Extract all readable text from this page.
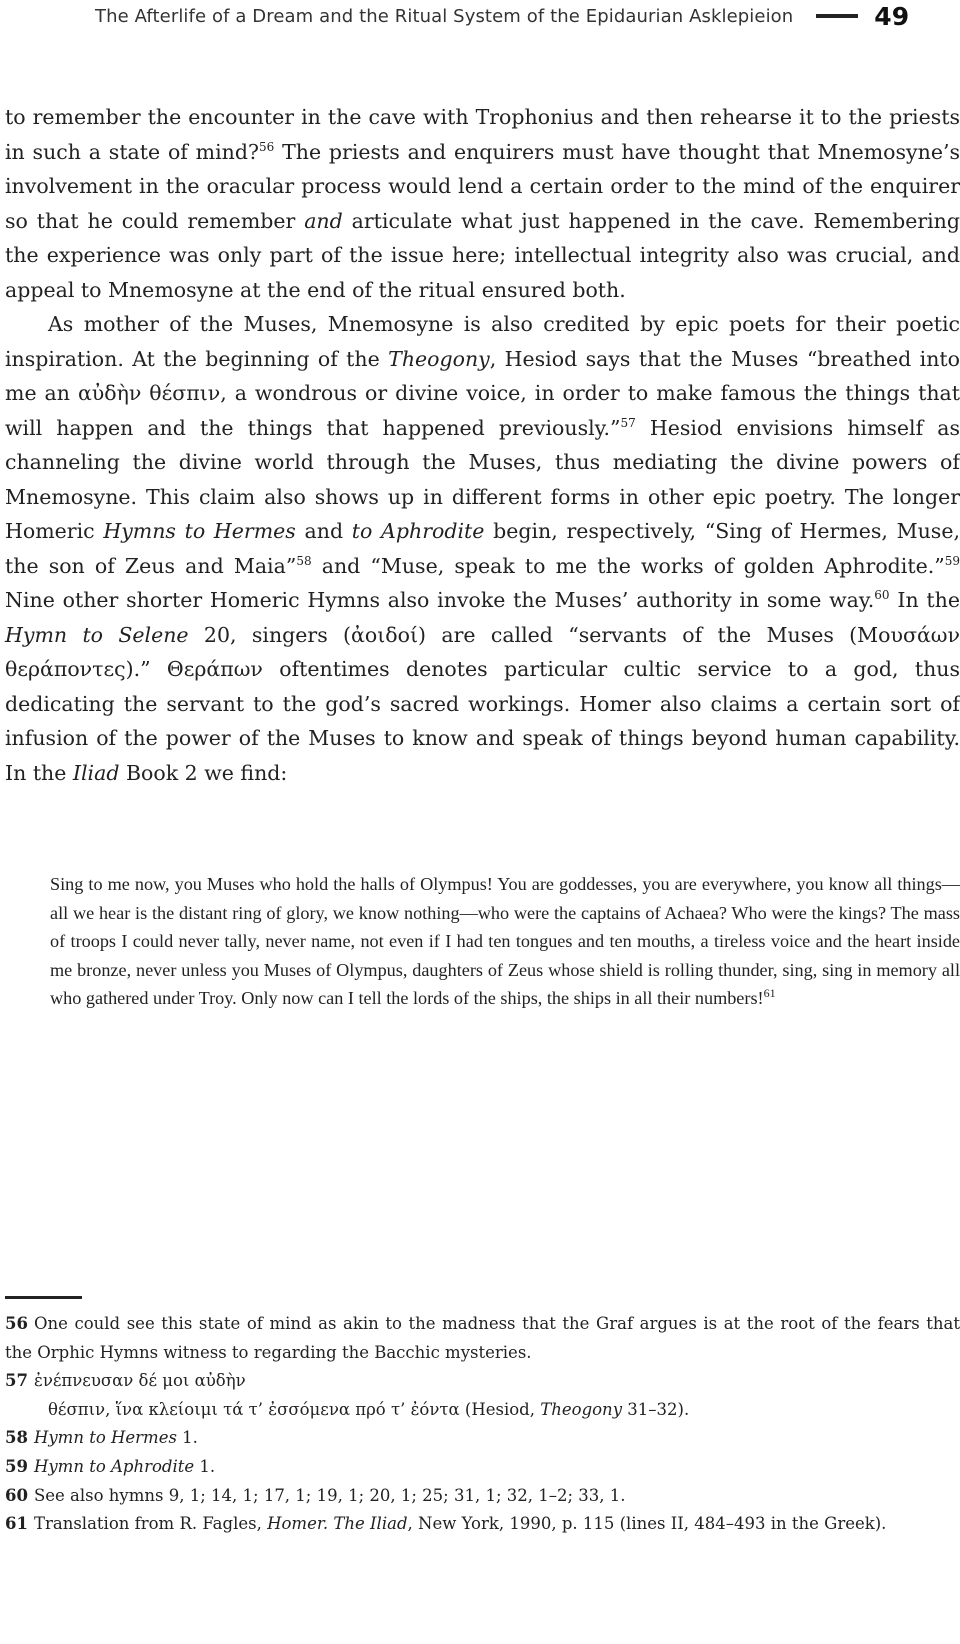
The Afterlife of a Dream and the Ritual System of the Epidaurian Asklepieion	49

to remember the encounter in the cave with Trophonius and then rehearse it to the priests in such a state of mind?$^{56}$ The priests and enquirers must have thought that Mnemosyne’s involvement in the oracular process would lend a certain order to the mind of the enquirer so that he could remember and articulate what just happened in the cave. Remembering the experience was only part of the issue here; intellectual integrity also was crucial, and appeal to Mnemosyne at the end of the ritual ensured both.

As mother of the Muses, Mnemosyne is also credited by epic poets for their poetic inspiration. At the beginning of the Theogony, Hesiod says that the Muses “breathed into me an αὐδὴν θέσπιν, a wondrous or divine voice, in order to make famous the things that will happen and the things that happened previously.”$^{57}$ Hesiod envisions himself as channeling the divine world through the Muses, thus mediating the divine powers of Mnemosyne. This claim also shows up in different forms in other epic poetry. The longer Homeric Hymns to Hermes and to Aphrodite begin, respectively, “Sing of Hermes, Muse, the son of Zeus and Maia”$^{58}$ and “Muse, speak to me the works of golden Aphrodite.”$^{59}$ Nine other shorter Homeric Hymns also invoke the Muses’ authority in some way.$^{60}$ In the Hymn to Selene 20, singers (ἀοιδοί) are called “servants of the Muses (Μουσάων θεράποντες).” Θεράπων oftentimes denotes particular cultic service to a god, thus dedicating the servant to the god’s sacred workings. Homer also claims a certain sort of infusion of the power of the Muses to know and speak of things beyond human capability. In the Iliad Book 2 we find:

Sing to me now, you Muses who hold the halls of Olympus! You are goddesses, you are everywhere, you know all things—all we hear is the distant ring of glory, we know nothing—who were the captains of Achaea? Who were the kings? The mass of troops I could never tally, never name, not even if I had ten tongues and ten mouths, a tireless voice and the heart inside me bronze, never unless you Muses of Olympus, daughters of Zeus whose shield is rolling thunder, sing, sing in memory all who gathered under Troy. Only now can I tell the lords of the ships, the ships in all their numbers!$^{61}$

56 One could see this state of mind as akin to the madness that the Graf argues is at the root of the fears that the Orphic Hymns witness to regarding the Bacchic mysteries.

57 ἐνέπνευσαν δέ μοι αὐδὴν

θέσπιν, ἵνα κλείοιμι τά τ’ ἐσσόμενα πρό τ’ ἐόντα (Hesiod, Theogony 31–32).

58 Hymn to Hermes 1.

59 Hymn to Aphrodite 1.

60 See also hymns 9, 1; 14, 1; 17, 1; 19, 1; 20, 1; 25; 31, 1; 32, 1–2; 33, 1.

61 Translation from R. Fagles, Homer. The Iliad, New York, 1990, p. 115 (lines II, 484–493 in the Greek).
